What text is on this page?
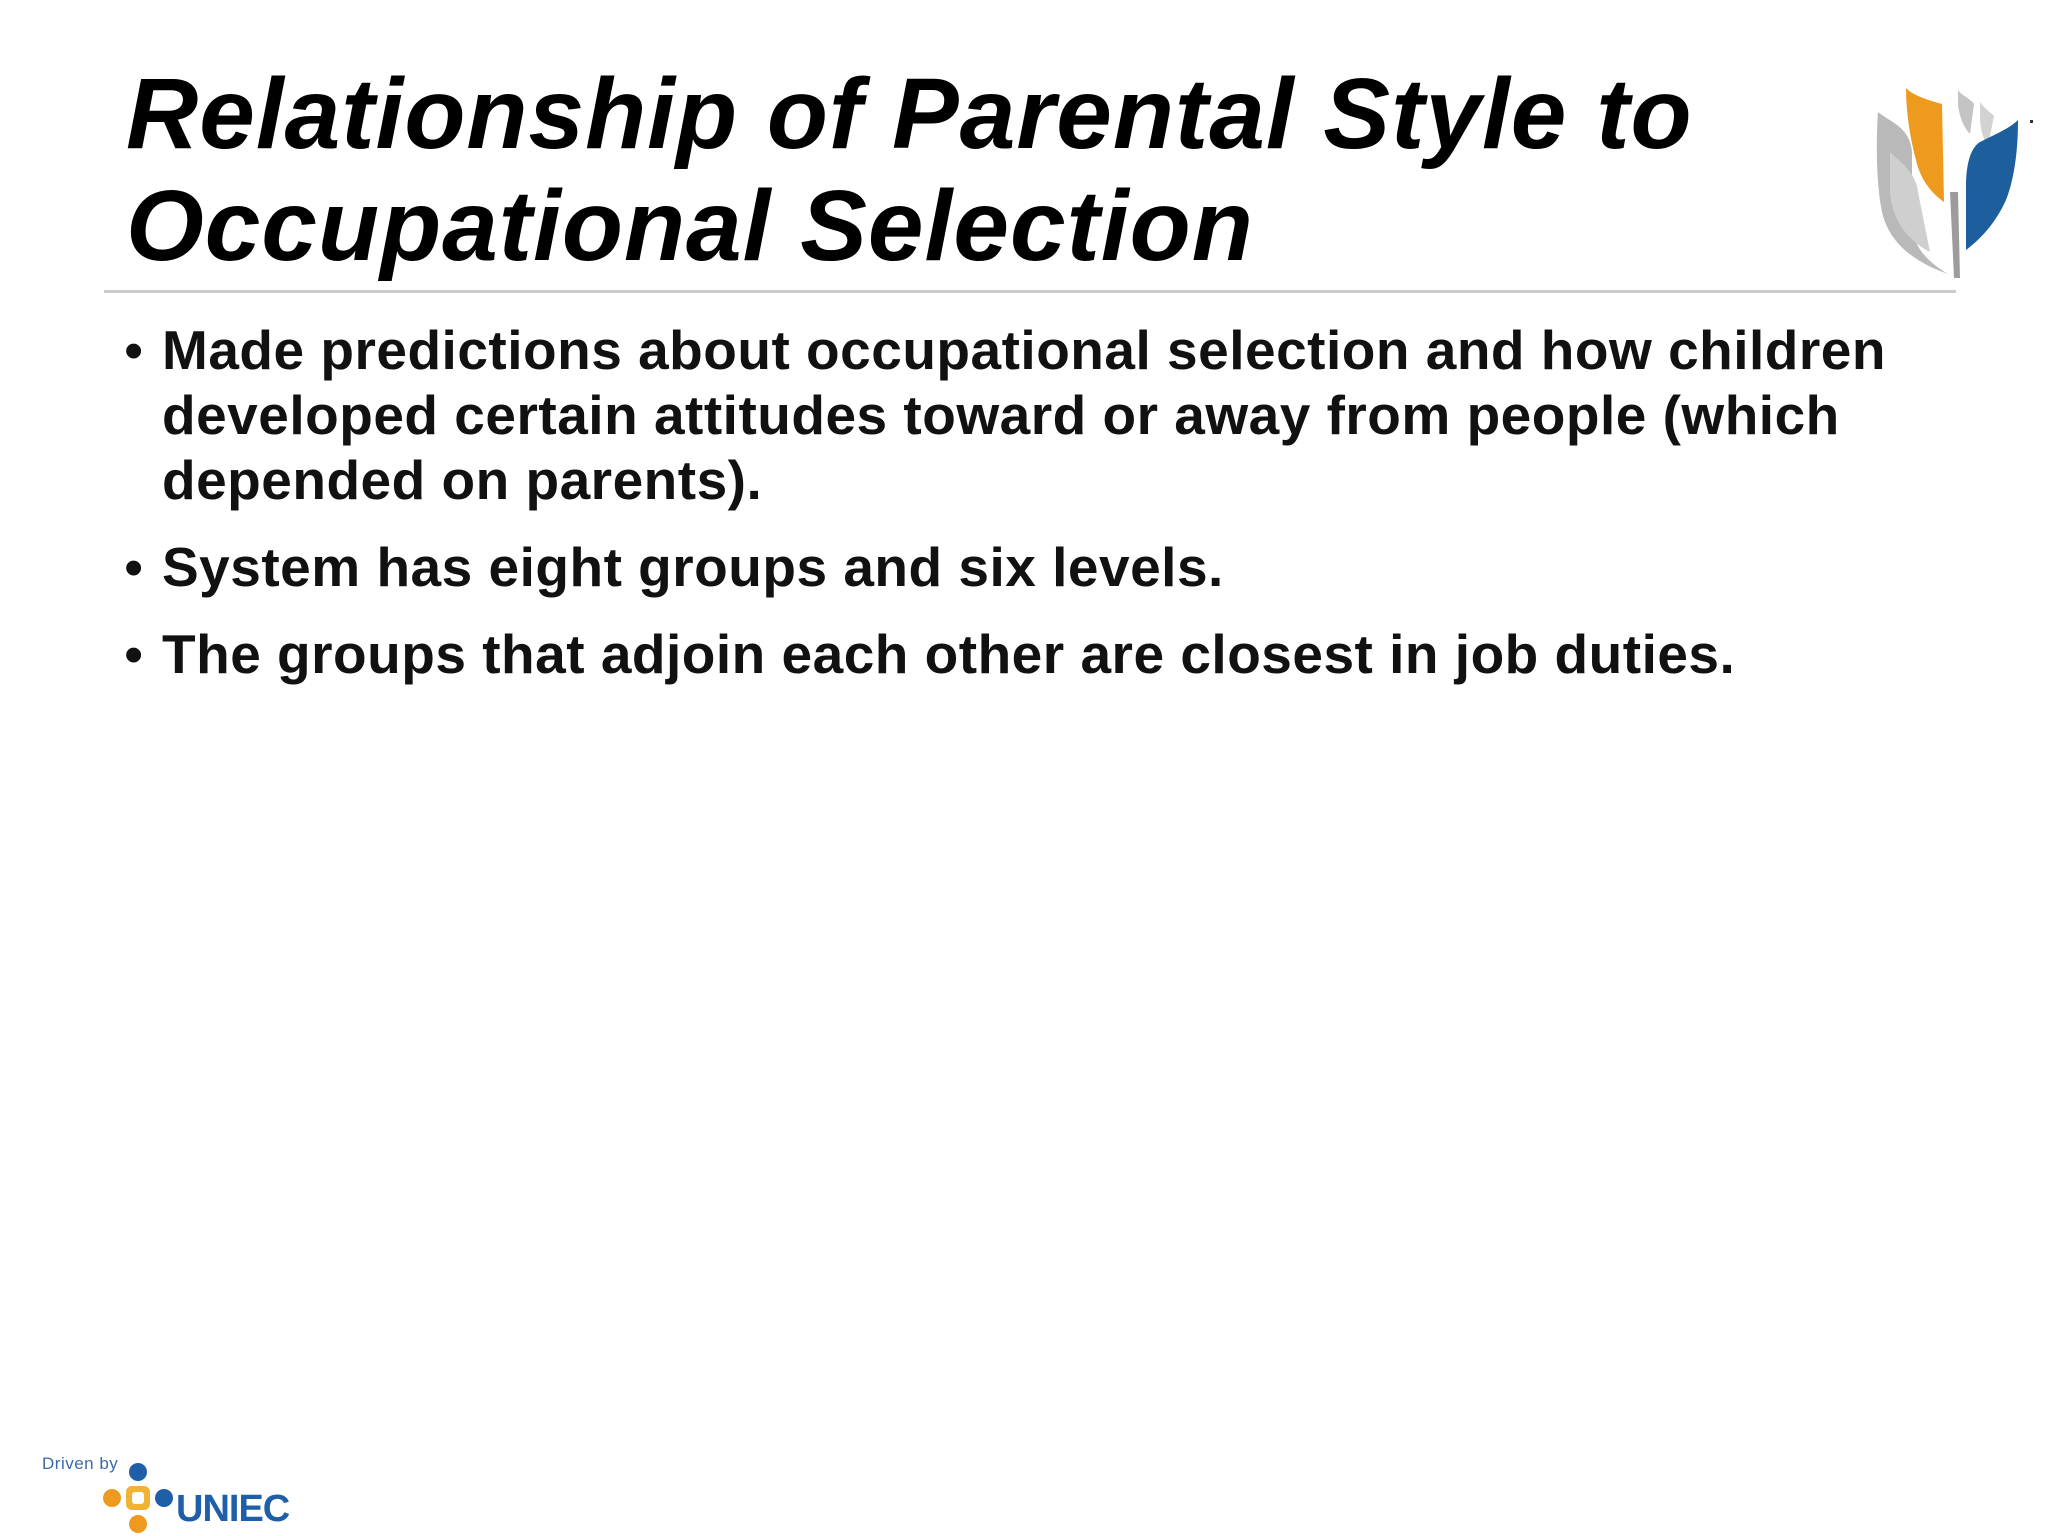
Relationship of Parental Style to Occupational Selection
• Made predictions about occupational selection and how children developed certain attitudes toward or away from people (which depended on parents).
• System has eight groups and six levels.
• The groups that adjoin each other are closest in job duties.
Driven by
UNIEC
